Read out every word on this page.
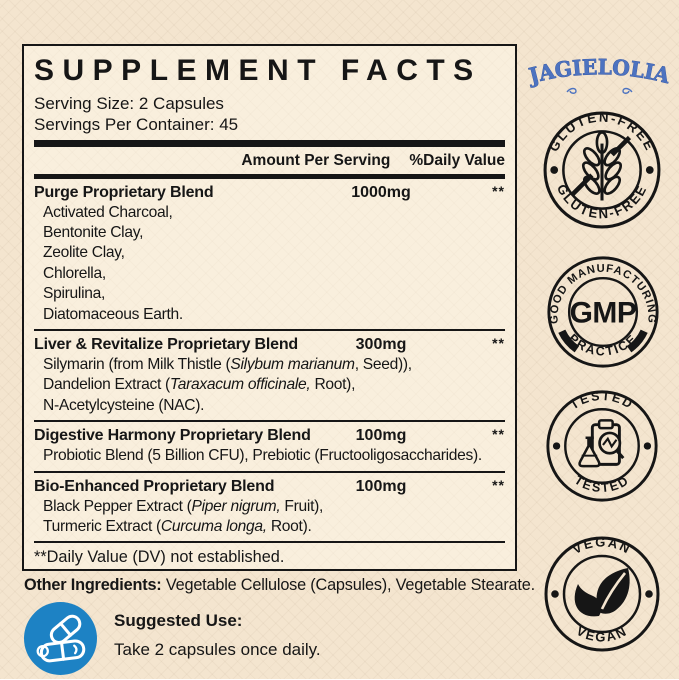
SUPPLEMENT FACTS
Serving Size: 2 Capsules
Servings Per Container: 45
Amount Per Serving %Daily Value
Purge Proprietary Blend	1000mg	**
Activated Charcoal,
Bentonite Clay,
Zeolite Clay,
Chlorella,
Spirulina,
Diatomaceous Earth.
Liver & Revitalize Proprietary Blend	300mg	**
Silymarin (from Milk Thistle (Silybum marianum, Seed)),
Dandelion Extract (Taraxacum officinale, Root),
N-Acetylcysteine (NAC).
Digestive Harmony Proprietary Blend	100mg	**
Probiotic Blend (5 Billion CFU), Prebiotic (Fructooligosaccharides).
Bio-Enhanced Proprietary Blend	100mg	**
Black Pepper Extract (Piper nigrum, Fruit),
Turmeric Extract (Curcuma longa, Root).
**Daily Value (DV) not established.
Other Ingredients: Vegetable Cellulose (Capsules), Vegetable Stearate.
Suggested Use:
Take 2 capsules once daily.
JAGIELOLIA
GLUTEN-FREE
GLUTEN-FREE
GOOD MANUFACTURING
PRACTICE
GMP
TESTED
TESTED
VEGAN
VEGAN
